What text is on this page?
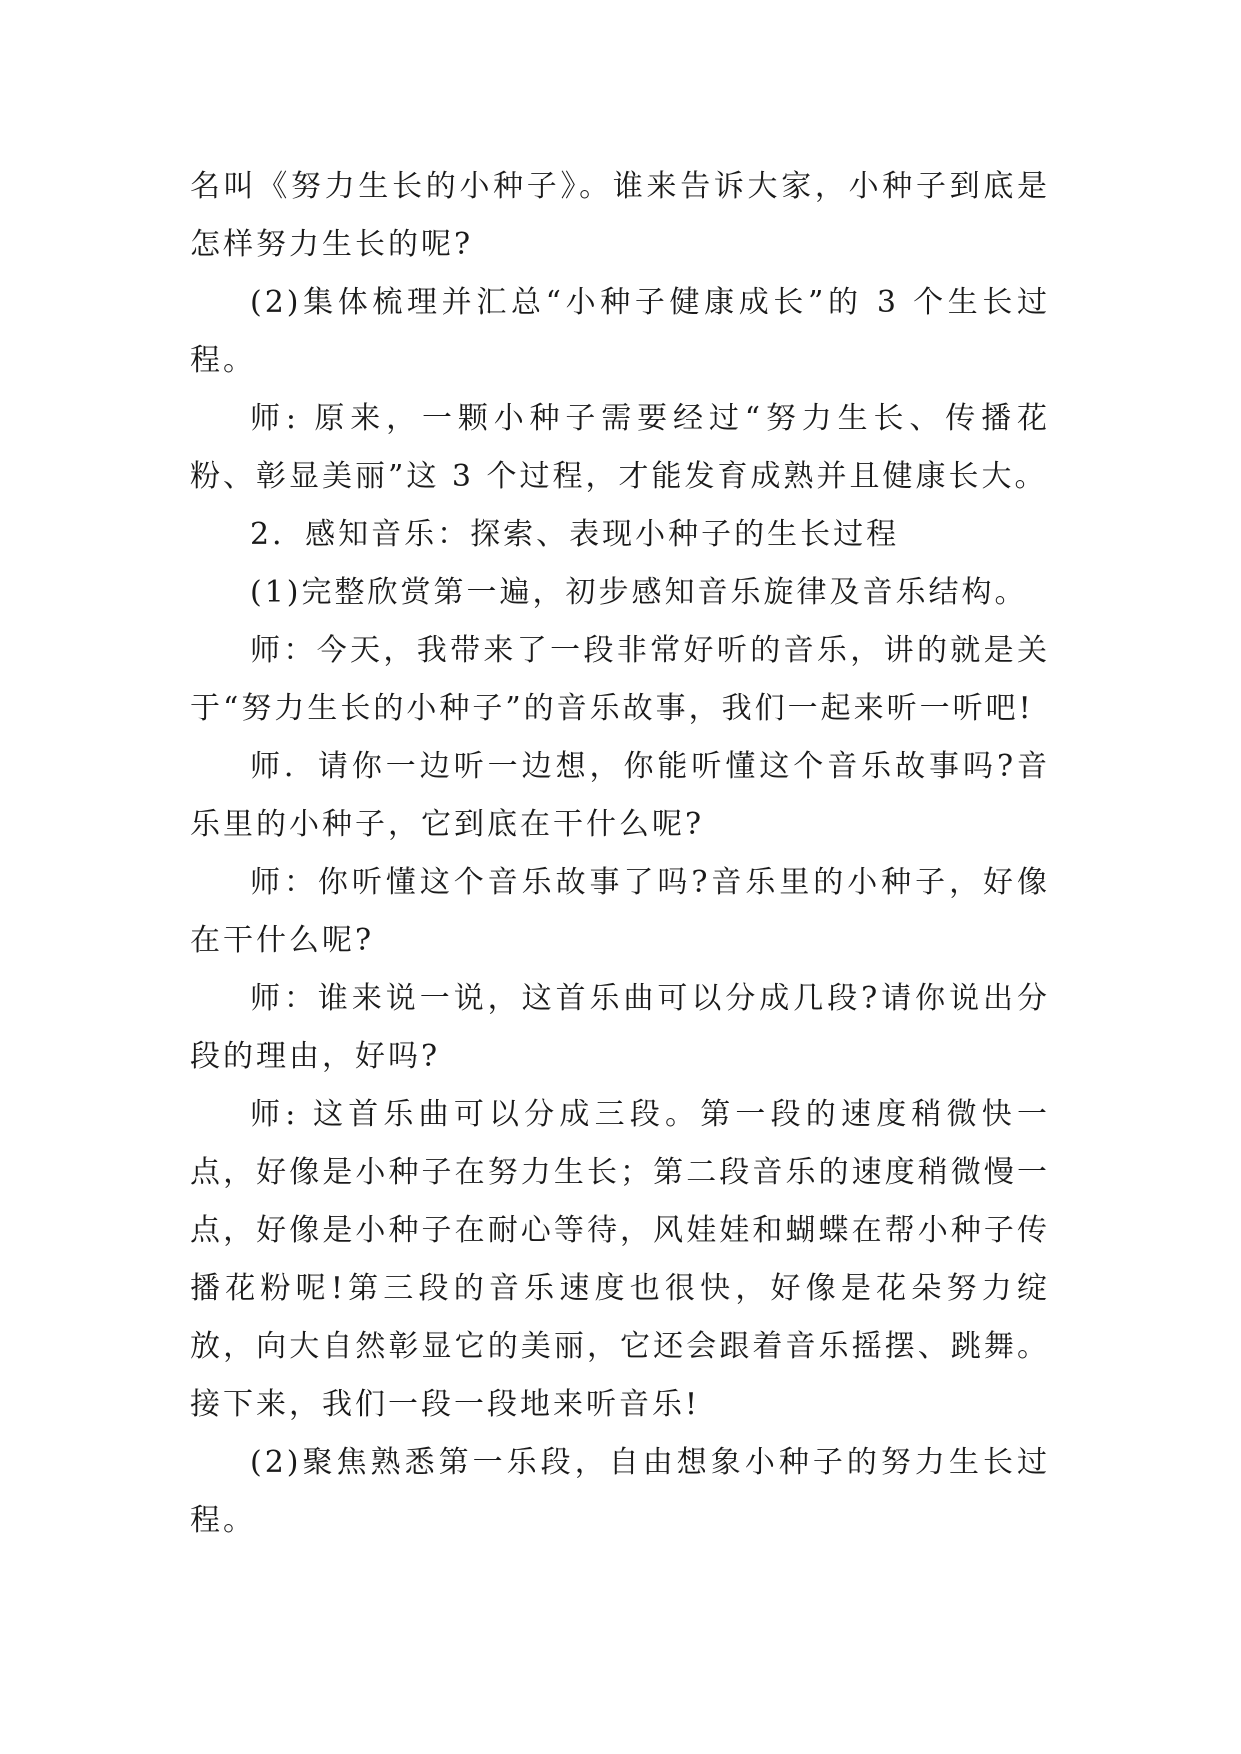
名叫《努力生长的小种子》。谁来告诉大家，小种子到底是怎样努力生长的呢?

(2)集体梳理并汇总“小种子健康成长”的 3 个生长过程。

师: 原来，一颗小种子需要经过“努力生长、传播花粉、彰显美丽”这 3 个过程，才能发育成熟并且健康长大。

2．感知音乐：探索、表现小种子的生长过程

(1)完整欣赏第一遍，初步感知音乐旋律及音乐结构。

师：今天，我带来了一段非常好听的音乐，讲的就是关于“努力生长的小种子”的音乐故事，我们一起来听一听吧!

师．请你一边听一边想，你能听懂这个音乐故事吗?音乐里的小种子，它到底在干什么呢?

师：你听懂这个音乐故事了吗?音乐里的小种子，好像在干什么呢?

师：谁来说一说，这首乐曲可以分成几段?请你说出分段的理由，好吗?

师: 这首乐曲可以分成三段。第一段的速度稍微快一点，好像是小种子在努力生长；第二段音乐的速度稍微慢一点，好像是小种子在耐心等待，风娃娃和蝴蝶在帮小种子传播花粉呢!第三段的音乐速度也很快，好像是花朵努力绽放，向大自然彰显它的美丽，它还会跟着音乐摇摆、跳舞。接下来，我们一段一段地来听音乐!

(2)聚焦熟悉第一乐段，自由想象小种子的努力生长过程。
